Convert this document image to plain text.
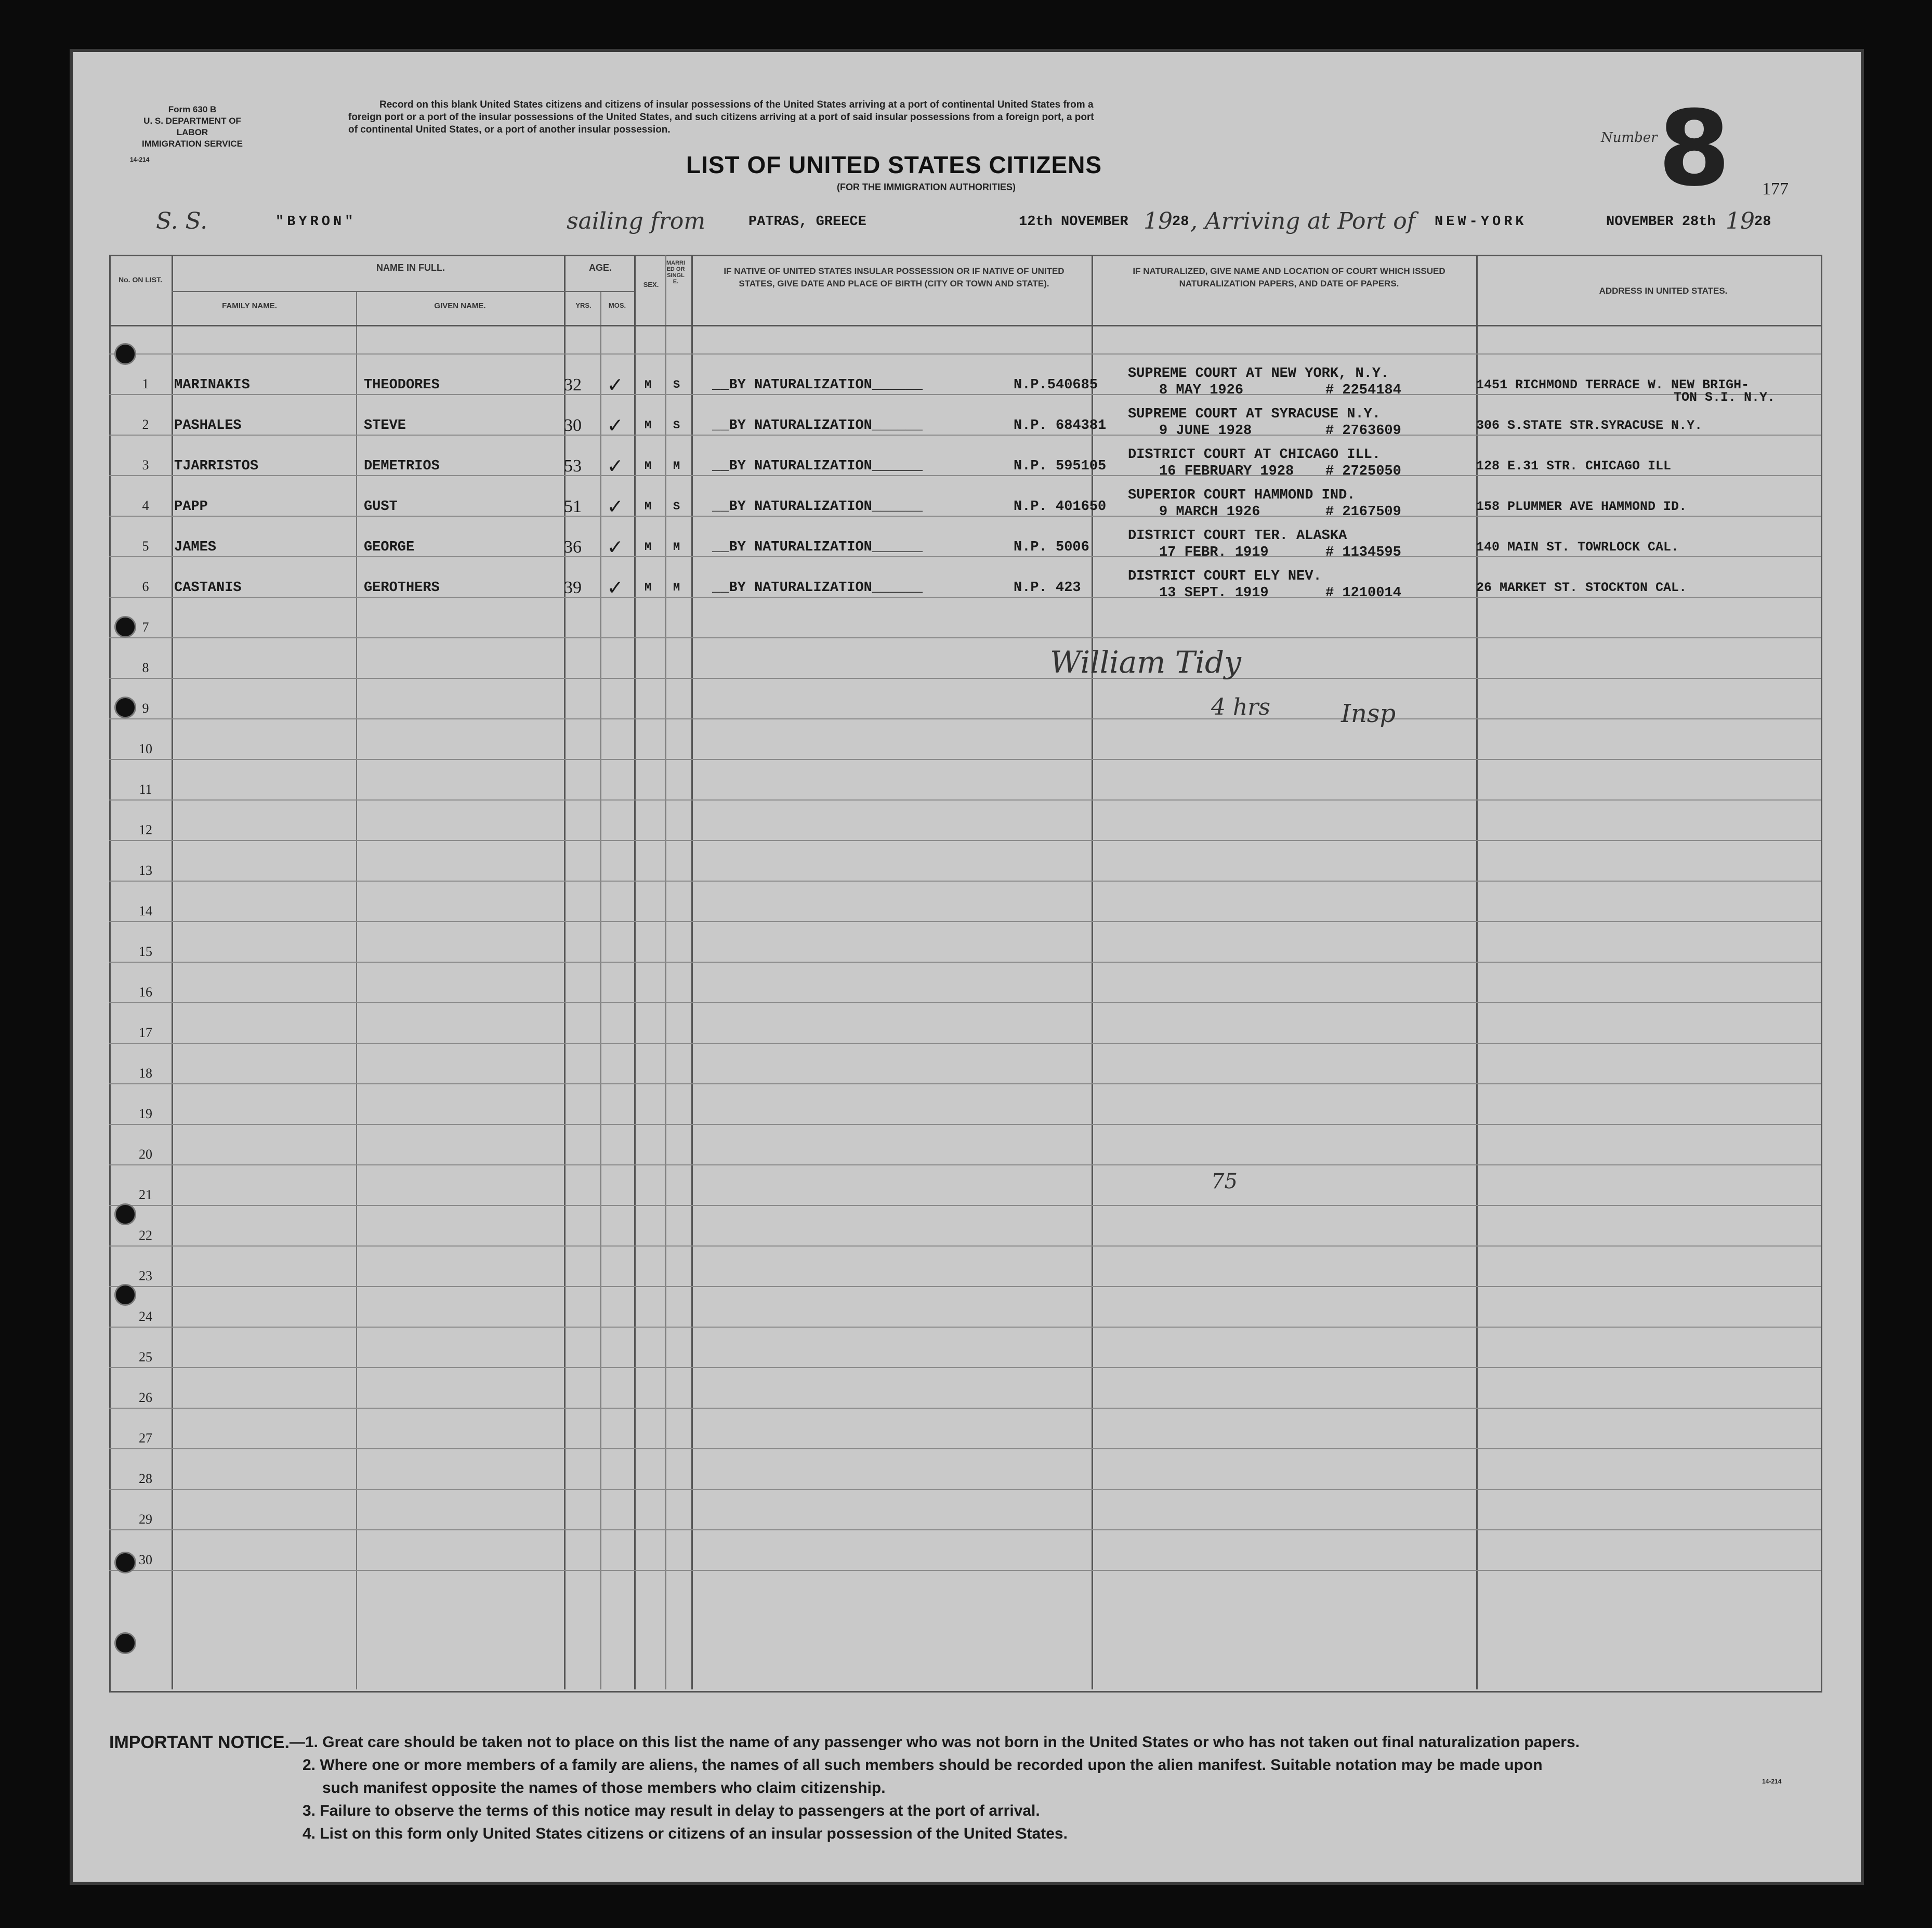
Form 630 B
U. S. DEPARTMENT OF LABOR
IMMIGRATION SERVICE
14-214
Record on this blank United States citizens and citizens of insular possessions of the United States arriving at a port of continental United States from a
foreign port or a port of the insular possessions of the United States, and such citizens arriving at a port of said insular possessions from a foreign port, a port
of continental United States, or a port of another insular possession.
LIST OF UNITED STATES CITIZENS
(FOR THE IMMIGRATION AUTHORITIES)
Number 8 177
S. S.	"BYRON"	sailing from	PATRAS, GREECE	12th NOVEMBER 19 28 , Arriving at Port of NEW-YORK	NOVEMBER 28th 19 28
No. ON LIST.
NAME IN FULL.
FAMILY NAME.	GIVEN NAME.
AGE.
YRS.	MOS.
SEX.
MARRIED OR SINGLE.
IF NATIVE OF UNITED STATES INSULAR POSSESSION OR IF NATIVE OF UNITED STATES, GIVE DATE AND PLACE OF BIRTH (CITY OR TOWN AND STATE).
IF NATURALIZED, GIVE NAME AND LOCATION OF COURT WHICH ISSUED NATURALIZATION PAPERS, AND DATE OF PAPERS.
ADDRESS IN UNITED STATES.
1	MARINAKIS	THEODORES	32 ✓ M S __BY NATURALIZATION______	N.P.540685
SUPREME COURT AT NEW YORK, N.Y.
8 MAY 1926	# 2254184	1451 RICHMOND TERRACE W. NEW BRIGH-
TON S.I. N.Y.
2	PASHALES	STEVE	30 ✓ M S __BY NATURALIZATION______	N.P. 684381
SUPREME COURT AT SYRACUSE N.Y.
9 JUNE 1928	# 2763609	306 S.STATE STR.SYRACUSE N.Y.
3	TJARRISTOS	DEMETRIOS	53 ✓ M M __BY NATURALIZATION______	N.P. 595105
DISTRICT COURT AT CHICAGO ILL.
16 FEBRUARY 1928 # 2725050	128 E.31 STR. CHICAGO ILL
4	PAPP	GUST	51 ✓ M S __BY NATURALIZATION______	N.P. 401650
SUPERIOR COURT HAMMOND IND.
9 MARCH 1926	# 2167509	158 PLUMMER AVE HAMMOND ID.
5	JAMES	GEORGE	36 ✓ M M __BY NATURALIZATION______	N.P. 5006
DISTRICT COURT TER. ALASKA
17 FEBR. 1919	# 1134595	140 MAIN ST. TOWRLOCK CAL.
6	CASTANIS	GEROTHERS	39 ✓ M M __BY NATURALIZATION______	N.P. 423
DISTRICT COURT ELY NEV.
13 SEPT. 1919	# 1210014	26 MARKET ST. STOCKTON CAL.
7
8
9
10
11
12
13
14
15
16
17
18
19
20
21
22
23
24
25
26
27
28
29
30
William Tidy
4 hrs	Insp
75
IMPORTANT NOTICE. —1. Great care should be taken not to place on this list the name of any passenger who was not born in the United States or who has not taken out final naturalization papers.
2. Where one or more members of a family are aliens, the names of all such members should be recorded upon the alien manifest. Suitable notation may be made upon
such manifest opposite the names of those members who claim citizenship.
3. Failure to observe the terms of this notice may result in delay to passengers at the port of arrival.
4. List on this form only United States citizens or citizens of an insular possession of the United States.
14-214
